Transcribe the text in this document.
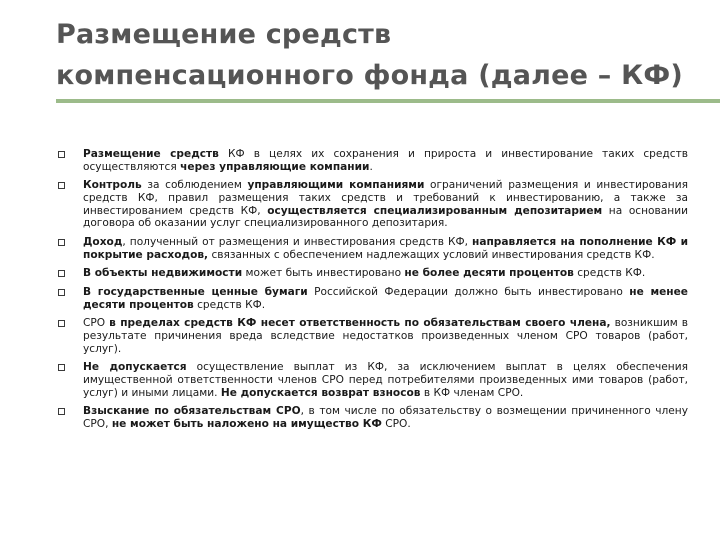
Размещение средств
компенсационного фонда (далее – КФ)
Размещение средств КФ в целях их сохранения и прироста и инвестирование таких средств осуществляются через управляющие компании.
Контроль за соблюдением управляющими компаниями ограничений размещения и инвестирования средств КФ, правил размещения таких средств и требований к инвестированию, а также за инвестированием средств КФ, осуществляется специализированным депозитарием на основании договора об оказании услуг специализированного депозитария.
Доход, полученный от размещения и инвестирования средств КФ, направляется на пополнение КФ и покрытие расходов, связанных с обеспечением надлежащих условий инвестирования средств КФ.
В объекты недвижимости может быть инвестировано не более десяти процентов средств КФ.
В государственные ценные бумаги Российской Федерации должно быть инвестировано не менее десяти процентов средств КФ.
СРО в пределах средств КФ несет ответственность по обязательствам своего члена, возникшим в результате причинения вреда вследствие недостатков произведенных членом СРО товаров (работ, услуг).
Не допускается осуществление выплат из КФ, за исключением выплат в целях обеспечения имущественной ответственности членов СРО перед потребителями произведенных ими товаров (работ, услуг) и иными лицами. Не допускается возврат взносов в КФ членам СРО.
Взыскание по обязательствам СРО, в том числе по обязательству о возмещении причиненного члену СРО, не может быть наложено на имущество КФ СРО.
